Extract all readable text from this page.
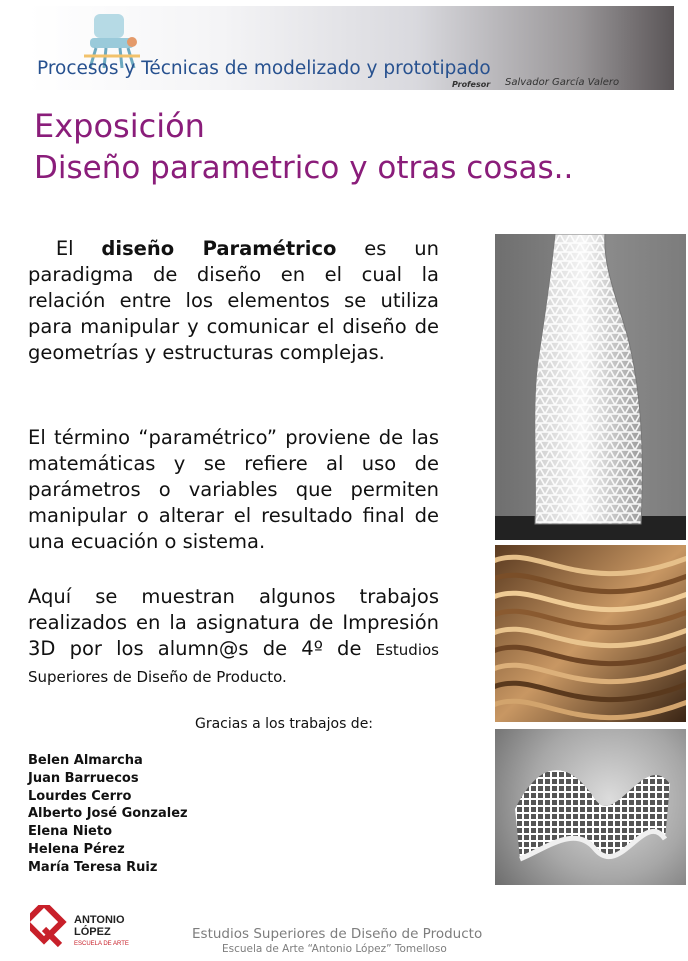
Procesos y Técnicas de modelizado y prototipado
Profesor Salvador García Valero
Exposición
Diseño parametrico y otras cosas..
El diseño Paramétrico es un paradigma de diseño en el cual la relación entre los elementos se utiliza para manipular y comunicar el diseño de geometrías y estructuras complejas.
El término “paramétrico” proviene de las matemáticas y se refiere al uso de parámetros o variables que permiten manipular o alterar el resultado final de una ecuación o sistema.
Aquí se muestran algunos trabajos realizados en la asignatura de Impresión 3D por los alumn@s de 4º de Estudios Superiores de Diseño de Producto.
Gracias a los trabajos de:
Belen Almarcha
Juan Barruecos
Lourdes Cerro
Alberto José Gonzalez
Elena Nieto
Helena Pérez
María Teresa Ruiz
ANTONIO
LÓPEZ
ESCUELA DE ARTE
Estudios Superiores de Diseño de Producto
Escuela de Arte “Antonio López” Tomelloso
